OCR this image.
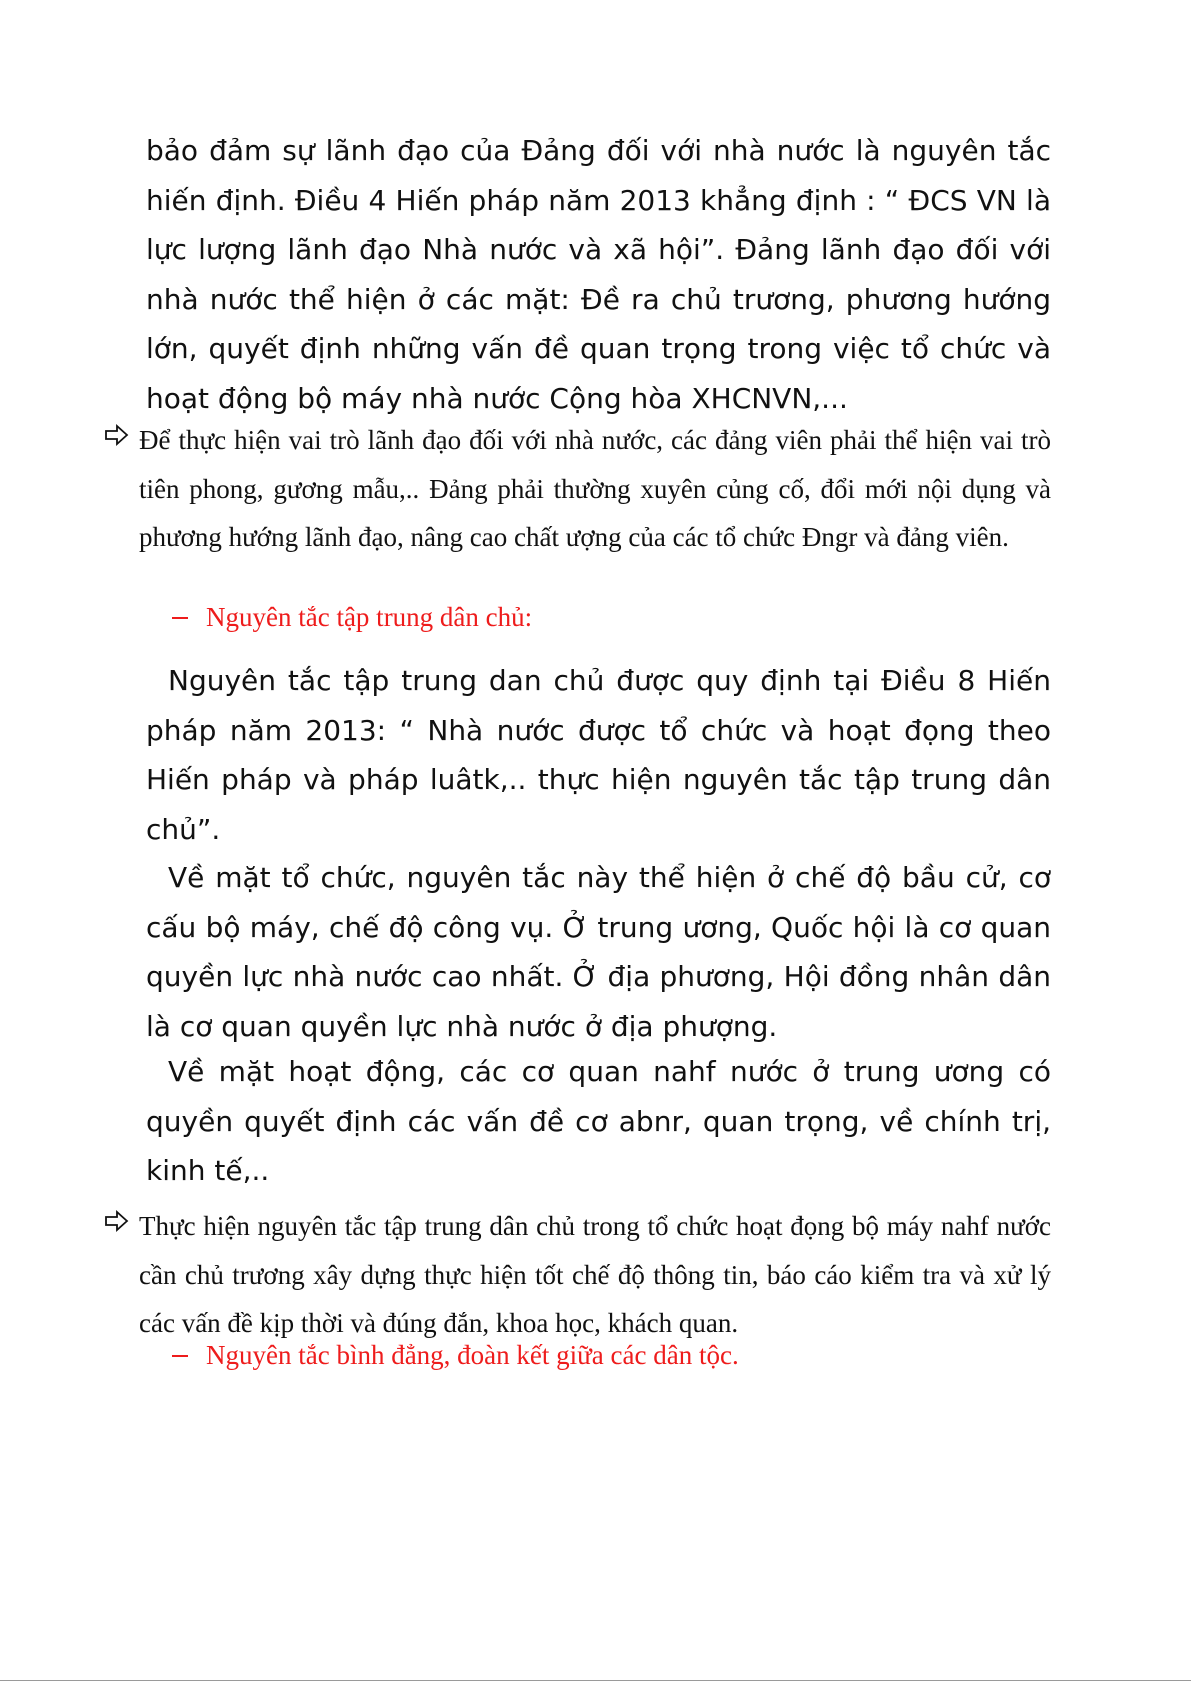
bảo đảm sự lãnh đạo của Đảng đối với nhà nước là nguyên tắc hiến định. Điều 4 Hiến pháp năm 2013 khẳng định : “ ĐCS VN là lực lượng lãnh đạo Nhà nước và xã hội”. Đảng lãnh đạo đối với nhà nước thể hiện ở các mặt: Đề ra chủ trương, phương hướng lớn, quyết định những vấn đề quan trọng trong việc tổ chức và hoạt động bộ máy nhà nước Cộng hòa XHCNVN,...

Để thực hiện vai trò lãnh đạo đối với nhà nước, các đảng viên phải thể hiện vai trò tiên phong, gương mẫu,.. Đảng phải thường xuyên củng cố, đổi mới nội dụng và phương hướng lãnh đạo, nâng cao chất ượng của các tổ chức Đngr và đảng viên.

Nguyên tắc tập trung dân chủ:

Nguyên tắc tập trung dan chủ được quy định tại Điều 8 Hiến pháp năm 2013: “ Nhà nước được tổ chức và hoạt đọng theo Hiến pháp và pháp luâtk,.. thực hiện nguyên tắc tập trung dân chủ”.

Về mặt tổ chức, nguyên tắc này thể hiện ở chế độ bầu cử, cơ cấu bộ máy, chế độ công vụ. Ở trung ương, Quốc hội là cơ quan quyền lực nhà nước cao nhất. Ở địa phương, Hội đồng nhân dân là cơ quan quyền lực nhà nước ở địa phượng.

Về mặt hoạt động, các cơ quan nahf nước ở trung ương có quyền quyết định các vấn đề cơ abnr, quan trọng, về chính trị, kinh tế,..

Thực hiện nguyên tắc tập trung dân chủ trong tổ chức hoạt đọng bộ máy nahf nước cần chủ trương xây dựng thực hiện tốt chế độ thông tin, báo cáo kiểm tra và xử lý các vấn đề kịp thời và đúng đắn, khoa học, khách quan.

Nguyên tắc bình đẳng, đoàn kết giữa các dân tộc.
